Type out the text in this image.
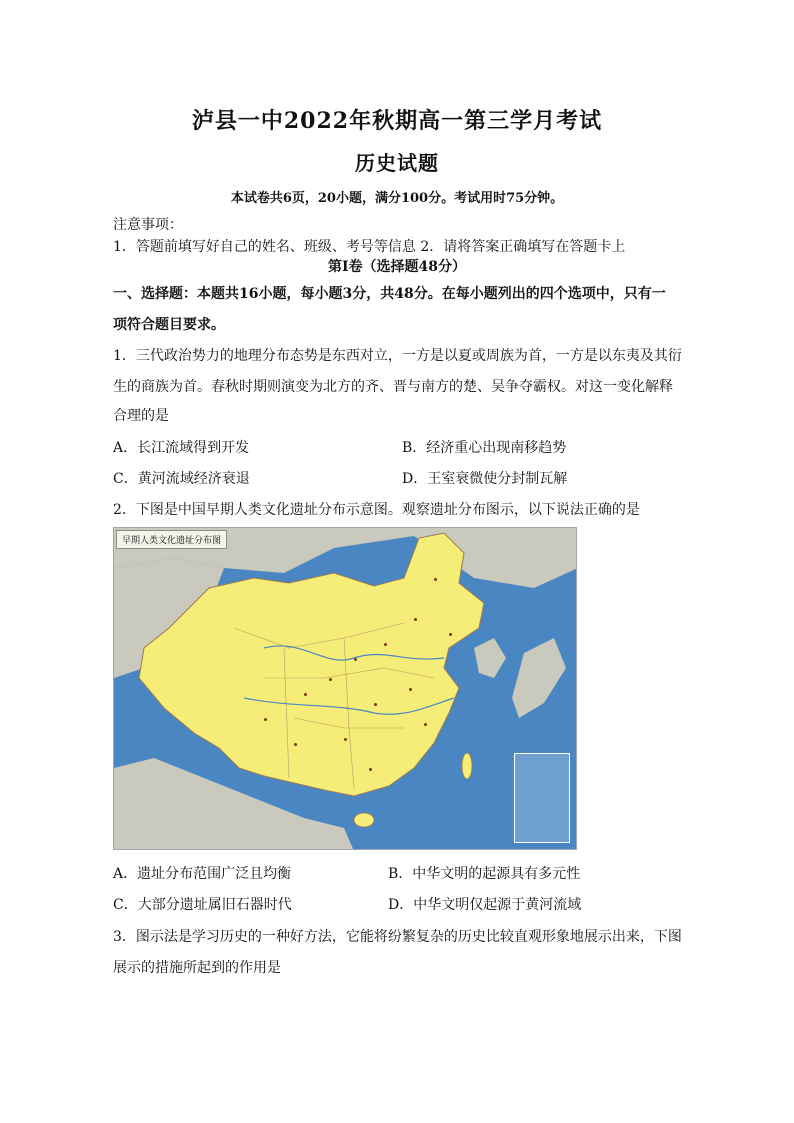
泸县一中2022年秋期高一第三学月考试
历史试题
本试卷共6页，20小题，满分100分。考试用时75分钟。
注意事项：
1．答题前填写好自己的姓名、班级、考号等信息 2．请将答案正确填写在答题卡上
第I卷（选择题48分）
一、选择题：本题共16小题，每小题3分，共48分。在每小题列出的四个选项中，只有一
项符合题目要求。
1．三代政治势力的地理分布态势是东西对立，一方是以夏或周族为首，一方是以东夷及其衍
生的商族为首。春秋时期则演变为北方的齐、晋与南方的楚、吴争夺霸权。对这一变化解释
合理的是
A．长江流域得到开发	B．经济重心出现南移趋势
C．黄河流域经济衰退	D．王室衰微使分封制瓦解
2．下图是中国早期人类文化遗址分布示意图。观察遗址分布图示，以下说法正确的是
早期人类文化遗址分布图
A．遗址分布范围广泛且均衡	B．中华文明的起源具有多元性
C．大部分遗址属旧石器时代	D．中华文明仅起源于黄河流域
3．图示法是学习历史的一种好方法，它能将纷繁复杂的历史比较直观形象地展示出来，下图
展示的措施所起到的作用是
